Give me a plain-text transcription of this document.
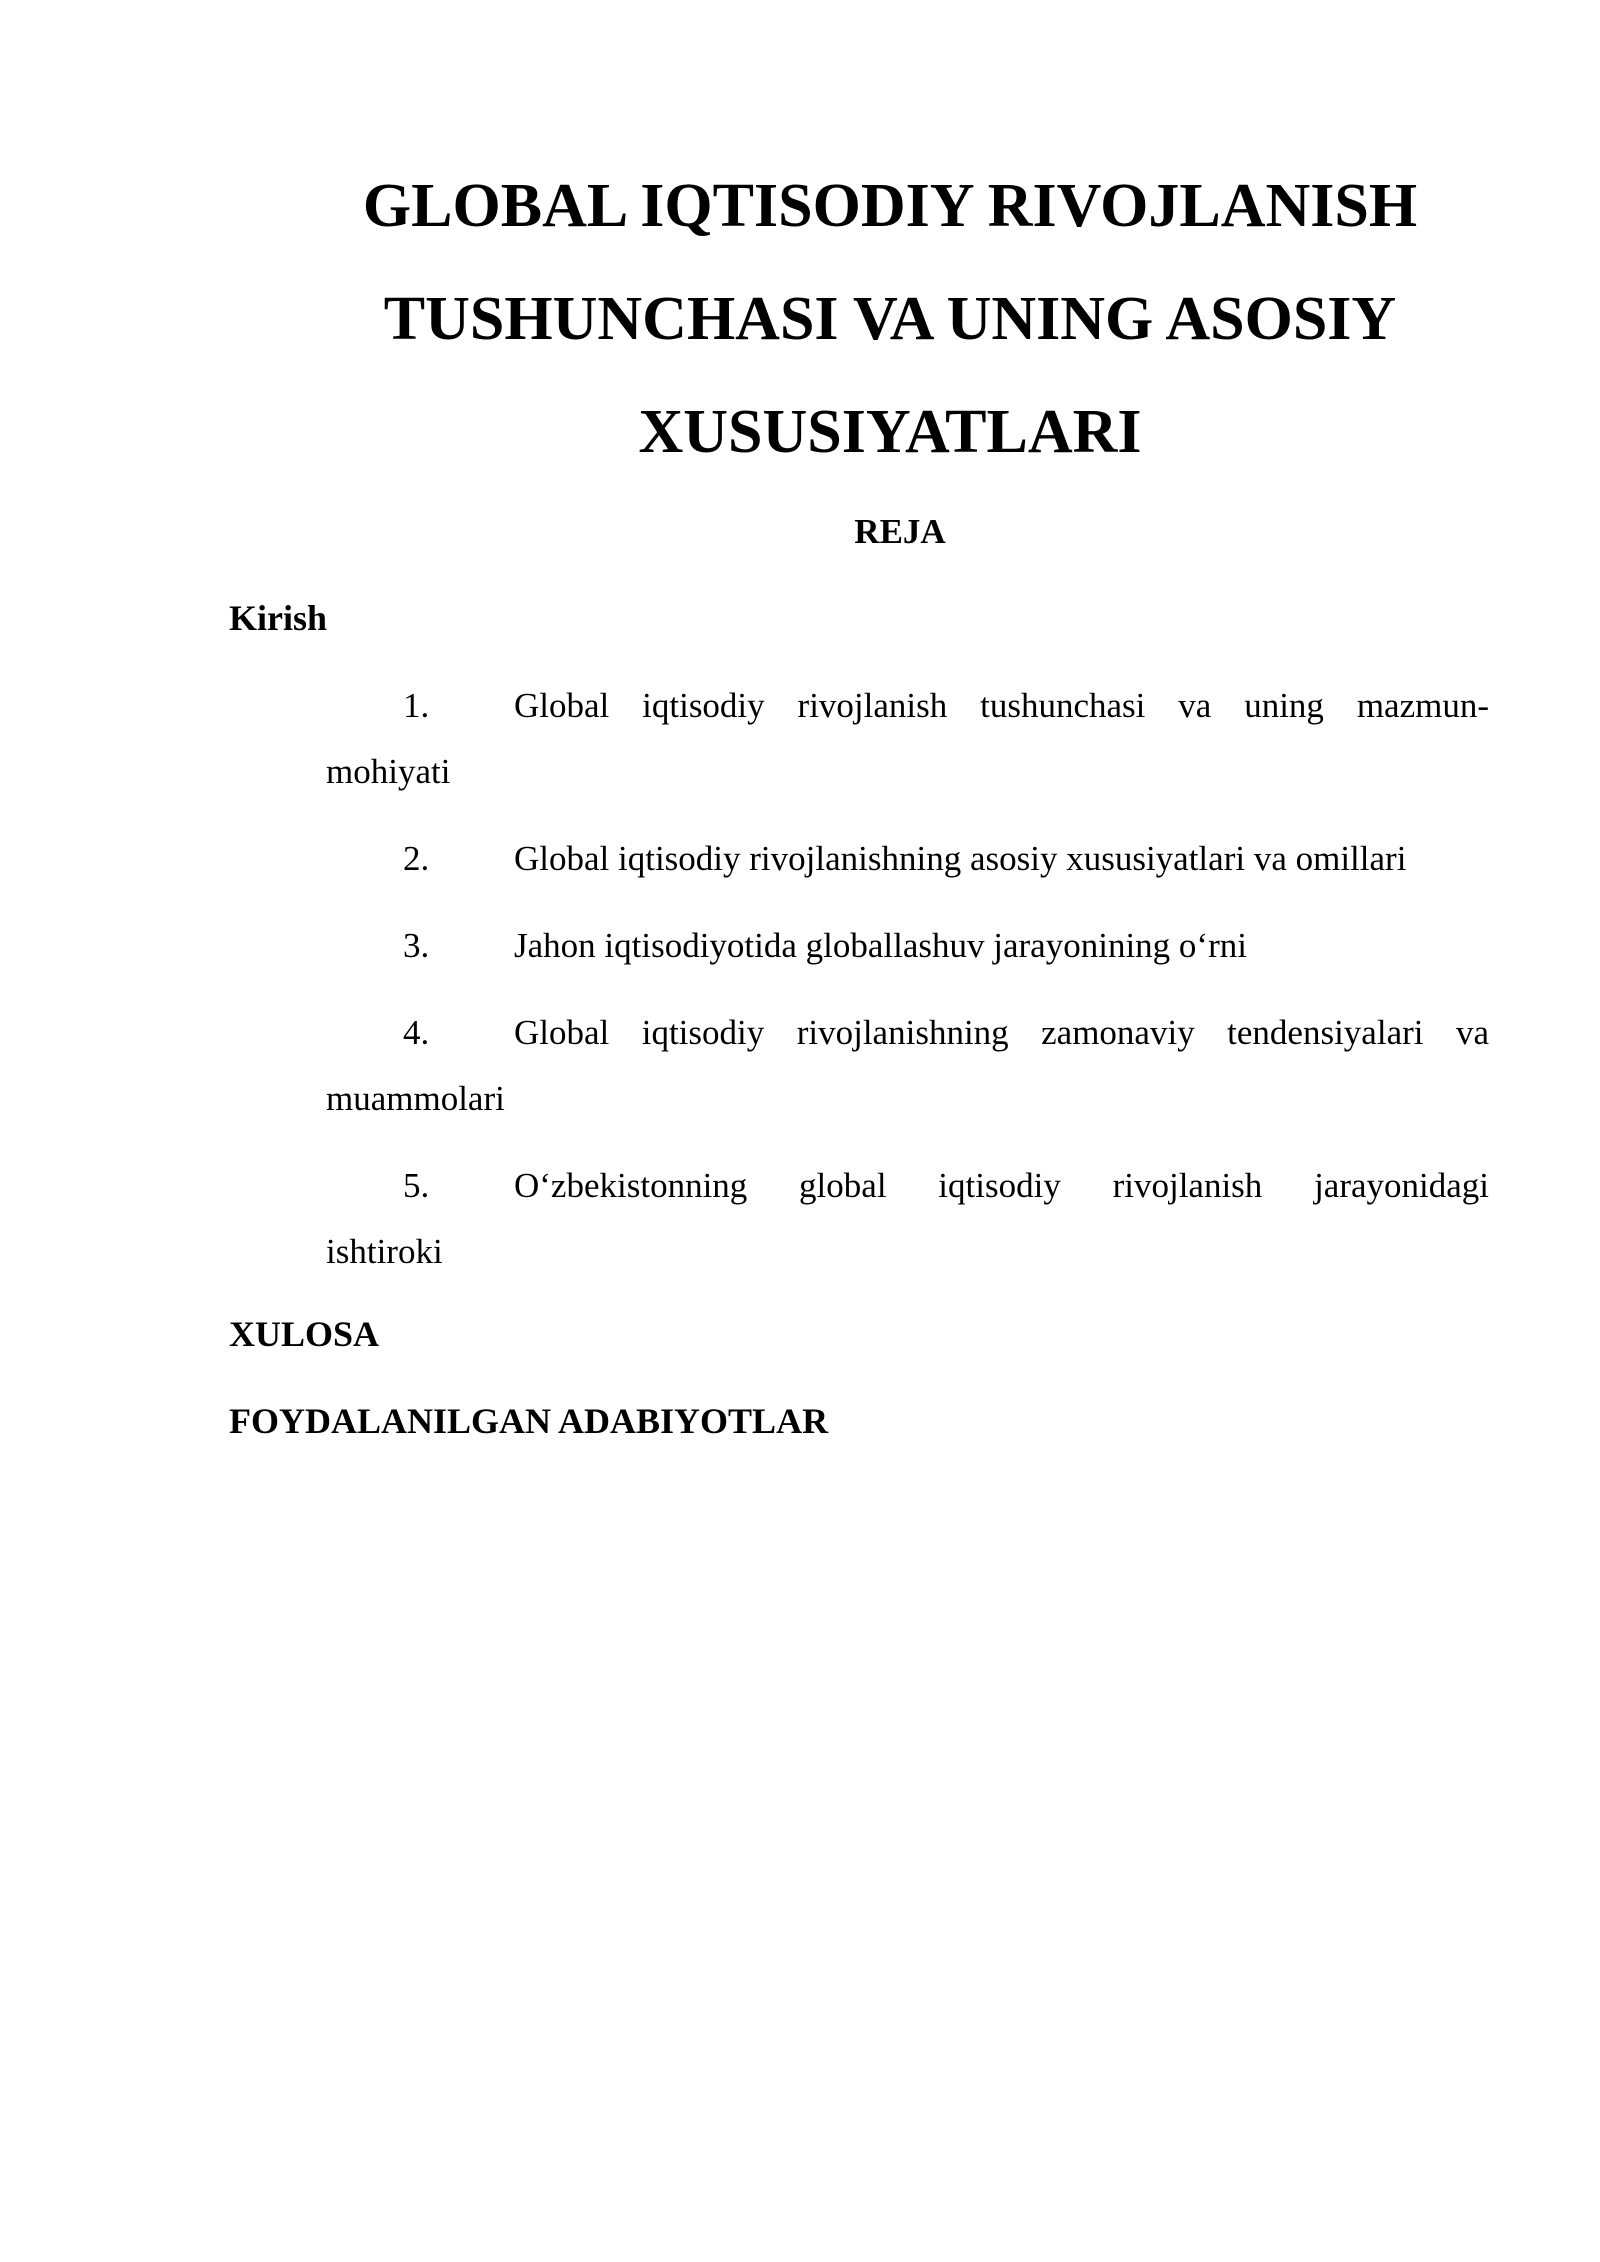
GLOBAL IQTISODIY RIVOJLANISH
TUSHUNCHASI VA UNING ASOSIY
XUSUSIYATLARI

REJA

Kirish

1.	Global iqtisodiy rivojlanish tushunchasi va uning mazmun-
mohiyati
2.	Global iqtisodiy rivojlanishning asosiy xususiyatlari va omillari
3.	Jahon iqtisodiyotida globallashuv jarayonining o‘rni
4.	Global iqtisodiy rivojlanishning zamonaviy tendensiyalari va
muammolari
5.	O‘zbekistonning global iqtisodiy rivojlanish jarayonidagi
ishtiroki

XULOSA

FOYDALANILGAN ADABIYOTLAR
